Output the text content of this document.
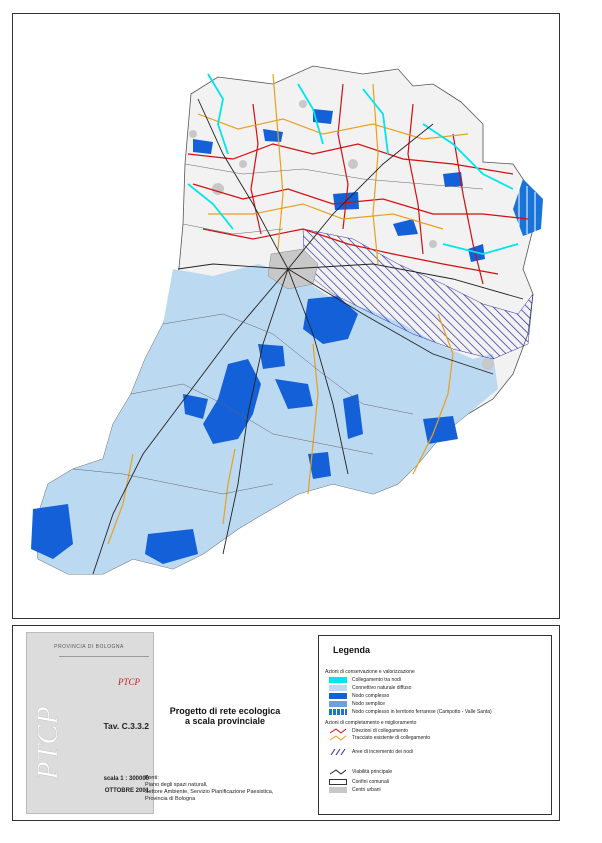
PROVINCIA DI BOLOGNA
PTCP
PTCP	Tav. C.3.3.2
scala 1 : 300000
OTTOBRE 2001
Progetto di rete ecologica
a scala provinciale
Fonti:
Piano degli spazi naturali,
Settore Ambiente, Servizio Pianificazione Paesistica,
Provincia di Bologna
Legenda
Azioni di conservazione e valorizzazione
Collegamento tra nodi
Connettivo naturale diffuso
Nodo complesso
Nodo semplice
Nodo complesso in territorio ferrarese (Campotto - Valle Santa)
Azioni di completamento e miglioramento
Direzioni di collegamento
Tracciato esistente di collegamento
Aree di incremento dei nodi
Viabilità principale
Confini comunali
Centri urbani
